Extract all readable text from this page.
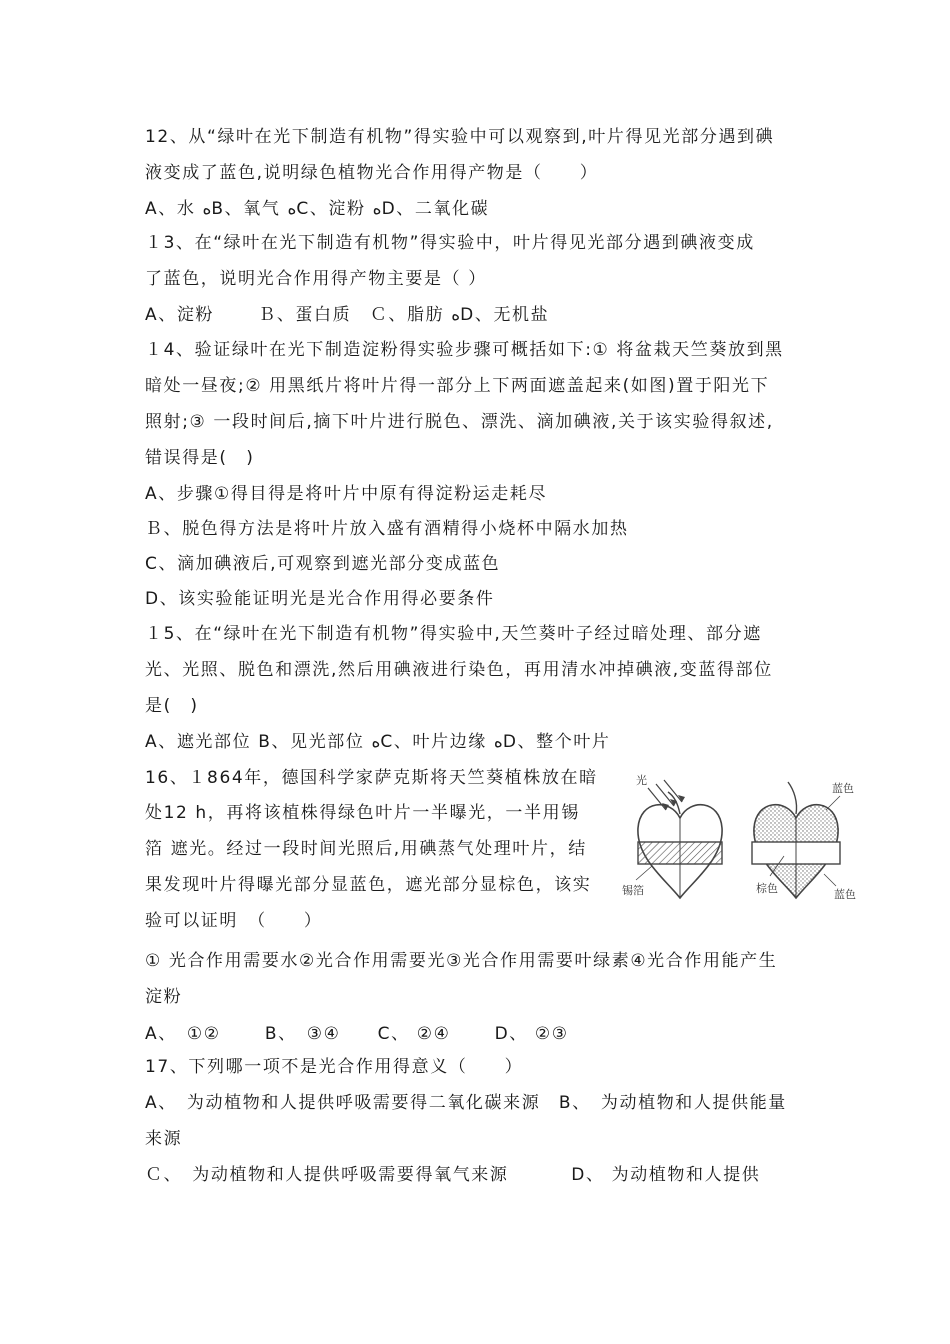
12、从“绿叶在光下制造有机物”得实验中可以观察到,叶片得见光部分遇到碘
液变成了蓝色,说明绿色植物光合作用得产物是（　　）
A、水 ﻩB、氧气 ﻩC、淀粉 ﻩD、二氧化碳
１3、在“绿叶在光下制造有机物”得实验中，叶片得见光部分遇到碘液变成
了蓝色，说明光合作用得产物主要是（ ）
A、淀粉　　 Ｂ、蛋白质　Ｃ、脂肪 ﻩD、无机盐
１4、验证绿叶在光下制造淀粉得实验步骤可概括如下:① 将盆栽天竺葵放到黑
暗处一昼夜;② 用黑纸片将叶片得一部分上下两面遮盖起来(如图)置于阳光下
照射;③ 一段时间后,摘下叶片进行脱色、漂洗、滴加碘液,关于该实验得叙述,
错误得是(　)
A、步骤①得目得是将叶片中原有得淀粉运走耗尽
Ｂ、脱色得方法是将叶片放入盛有酒精得小烧杯中隔水加热
C、滴加碘液后,可观察到遮光部分变成蓝色
D、该实验能证明光是光合作用得必要条件
１5、在“绿叶在光下制造有机物”得实验中,天竺葵叶子经过暗处理、部分遮
光、光照、脱色和漂洗,然后用碘液进行染色，再用清水冲掉碘液,变蓝得部位
是(　)
A、遮光部位 B、见光部位 ﻩC、叶片边缘 ﻩD、整个叶片
16、１864年，德国科学家萨克斯将天竺葵植株放在暗
处12 h，再将该植株得绿色叶片一半曝光，一半用锡
箔 遮光。经过一段时间光照后,用碘蒸气处理叶片，结
果发现叶片得曝光部分显蓝色，遮光部分显棕色，该实
验可以证明　（　　）
① 光合作用需要水②光合作用需要光③光合作用需要叶绿素④光合作用能产生
淀粉
A、　①②　　 B、　③④　　C、 ②④　　 D、 ②③
17、下列哪一项不是光合作用得意义（　　）
A、　为动植物和人提供呼吸需要得二氧化碳来源　B、　为动植物和人提供能量
来源
Ｃ、　为动植物和人提供呼吸需要得氧气来源　　　 D、 为动植物和人提供
光
锡箔
蓝色
棕色	蓝色
